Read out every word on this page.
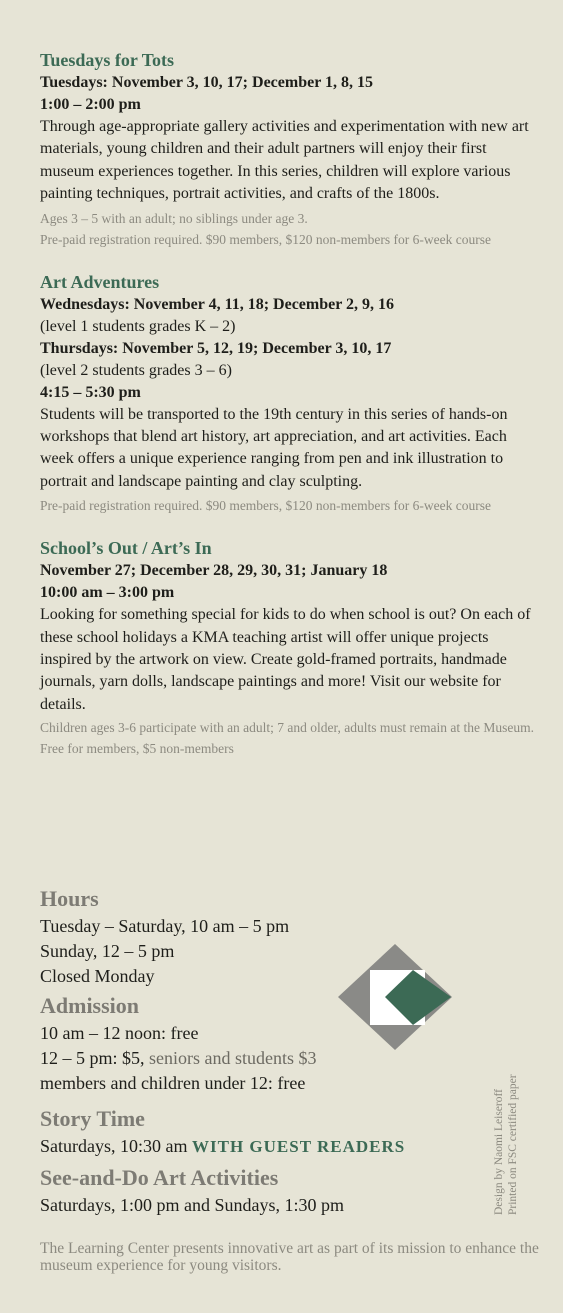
Tuesdays for Tots
Tuesdays: November 3, 10, 17; December 1, 8, 15
1:00 – 2:00 pm

Through age-appropriate gallery activities and experimentation with new art materials, young children and their adult partners will enjoy their first museum experiences together. In this series, children will explore various painting techniques, portrait activities, and crafts of the 1800s.

Ages 3 – 5 with an adult; no siblings under age 3.

Pre-paid registration required. $90 members, $120 non-members for 6-week course

Art Adventures
Wednesdays: November 4, 11, 18; December 2, 9, 16
(level 1 students grades K – 2)
Thursdays: November 5, 12, 19; December 3, 10, 17
(level 2 students grades 3 – 6)
4:15 – 5:30 pm

Students will be transported to the 19th century in this series of hands-on workshops that blend art history, art appreciation, and art activities. Each week offers a unique experience ranging from pen and ink illustration to portrait and landscape painting and clay sculpting.

Pre-paid registration required. $90 members, $120 non-members for 6-week course

School’s Out / Art’s In
November 27; December 28, 29, 30, 31; January 18
10:00 am – 3:00 pm

Looking for something special for kids to do when school is out? On each of these school holidays a KMA teaching artist will offer unique projects inspired by the artwork on view. Create gold-framed portraits, handmade journals, yarn dolls, landscape paintings and more! Visit our website for details.

Children ages 3-6 participate with an adult; 7 and older, adults must remain at the Museum. Free for members, $5 non-members

Hours
Tuesday – Saturday, 10 am – 5 pm
Sunday, 12 – 5 pm
Closed Monday
Admission
10 am – 12 noon: free
12 – 5 pm: $5, seniors and students $3
members and children under 12: free
Story Time
Saturdays, 10:30 am WITH GUEST READERS
See-and-Do Art Activities
Saturdays, 1:00 pm and Sundays, 1:30 pm	Design by Naomi Leiseroff Printed on FSC certified paper
The Learning Center presents innovative art as part of its mission to enhance the museum experience for young visitors.
